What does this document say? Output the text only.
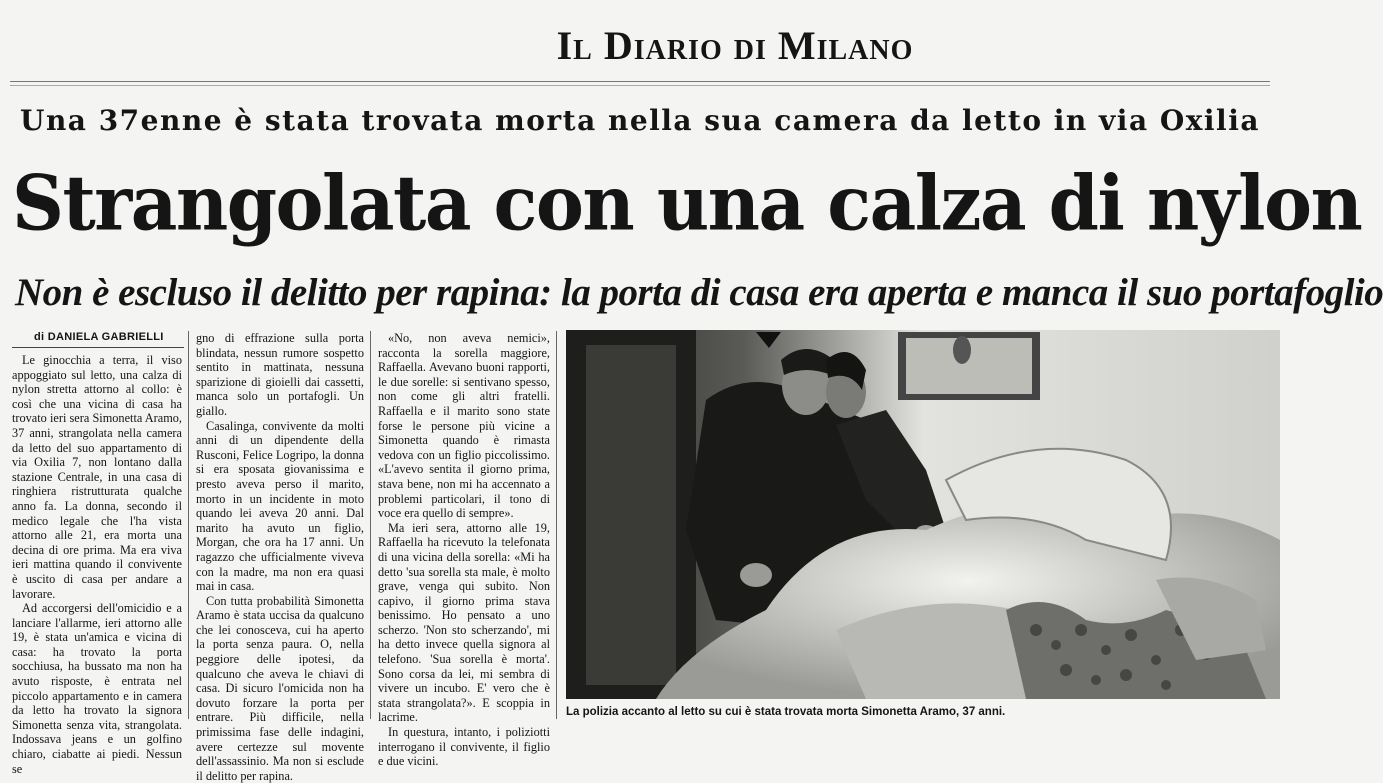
Il Diario di Milano
Una 37enne è stata trovata morta nella sua camera da letto in via Oxilia
Strangolata con una calza di nylon
Non è escluso il delitto per rapina: la porta di casa era aperta e manca il suo portafoglio
di DANIELA GABRIELLI

Le ginocchia a terra, il viso appoggiato sul letto, una calza di nylon stretta attorno al collo: è così che una vicina di casa ha trovato ieri sera Simonetta Aramo, 37 anni, strangolata nella camera da letto del suo appartamento di via Oxilia 7, non lontano dalla stazione Centrale, in una casa di ringhiera ristrutturata qualche anno fa. La donna, secondo il medico legale che l'ha vista attorno alle 21, era morta una decina di ore prima. Ma era viva ieri mattina quando il convivente è uscito di casa per andare a lavorare.

Ad accorgersi dell'omicidio e a lanciare l'allarme, ieri attorno alle 19, è stata un'amica e vicina di casa: ha trovato la porta socchiusa, ha bussato ma non ha avuto risposte, è entrata nel piccolo appartamento e in camera da letto ha trovato la signora Simonetta senza vita, strangolata. Indossava jeans e un golfino chiaro, ciabatte ai piedi. Nessun se

gno di effrazione sulla porta blindata, nessun rumore sospetto sentito in mattinata, nessuna sparizione di gioielli dai cassetti, manca solo un portafogli. Un giallo.

Casalinga, convivente da molti anni di un dipendente della Rusconi, Felice Logripo, la donna si era sposata giovanissima e presto aveva perso il marito, morto in un incidente in moto quando lei aveva 20 anni. Dal marito ha avuto un figlio, Morgan, che ora ha 17 anni. Un ragazzo che ufficialmente viveva con la madre, ma non era quasi mai in casa.

Con tutta probabilità Simonetta Aramo è stata uccisa da qualcuno che lei conosceva, cui ha aperto la porta senza paura. O, nella peggiore delle ipotesi, da qualcuno che aveva le chiavi di casa. Di sicuro l'omicida non ha dovuto forzare la porta per entrare. Più difficile, nella primissima fase delle indagini, avere certezze sul movente dell'assassinio. Ma non si esclude il delitto per rapina.

«No, non aveva nemici», racconta la sorella maggiore, Raffaella. Avevano buoni rapporti, le due sorelle: si sentivano spesso, non come gli altri fratelli. Raffaella e il marito sono state forse le persone più vicine a Simonetta quando è rimasta vedova con un figlio piccolissimo. «L'avevo sentita il giorno prima, stava bene, non mi ha accennato a problemi particolari, il tono di voce era quello di sempre».

Ma ieri sera, attorno alle 19, Raffaella ha ricevuto la telefonata di una vicina della sorella: «Mi ha detto 'sua sorella sta male, è molto grave, venga qui subito. Non capivo, il giorno prima stava benissimo. Ho pensato a uno scherzo. 'Non sto scherzando', mi ha detto invece quella signora al telefono. 'Sua sorella è morta'. Sono corsa da lei, mi sembra di vivere un incubo. E' vero che è stata strangolata?». E scoppia in lacrime.

In questura, intanto, i poliziotti interrogano il convivente, il figlio e due vicini.

La polizia accanto al letto su cui è stata trovata morta Simonetta Aramo, 37 anni.
